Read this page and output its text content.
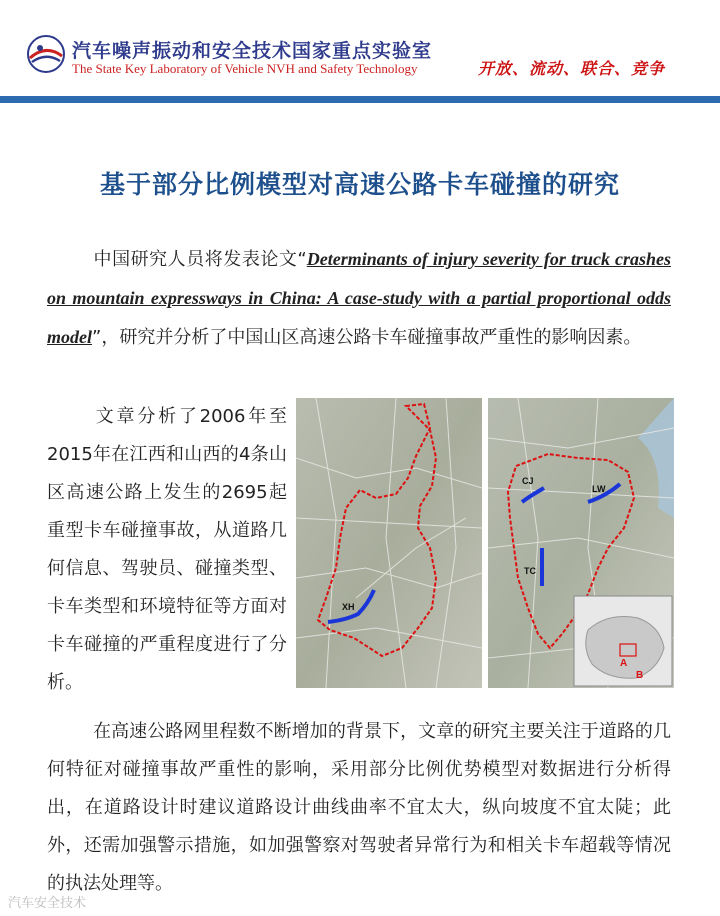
汽车噪声振动和安全技术国家重点实验室
The State Key Laboratory of Vehicle NVH and Safety Technology	开放、流动、联合、竞争
基于部分比例模型对高速公路卡车碰撞的研究
中国研究人员将发表论文“Determinants of injury severity for truck crashes on mountain expressways in China: A case-study with a partial proportional odds model”，研究并分析了中国山区高速公路卡车碰撞事故严重性的影响因素。
文章分析了2006年至2015年在江西和山西的4条山区高速公路上发生的2695起重型卡车碰撞事故，从道路几何信息、驾驶员、碰撞类型、卡车类型和环境特征等方面对卡车碰撞的严重程度进行了分析。
XH
CJ
LW
TC
A
B
在高速公路网里程数不断增加的背景下，文章的研究主要关注于道路的几何特征对碰撞事故严重性的影响，采用部分比例优势模型对数据进行分析得出，在道路设计时建议道路设计曲线曲率不宜太大，纵向坡度不宜太陡；此外，还需加强警示措施，如加强警察对驾驶者异常行为和相关卡车超载等情况的执法处理等。
汽车安全技术
